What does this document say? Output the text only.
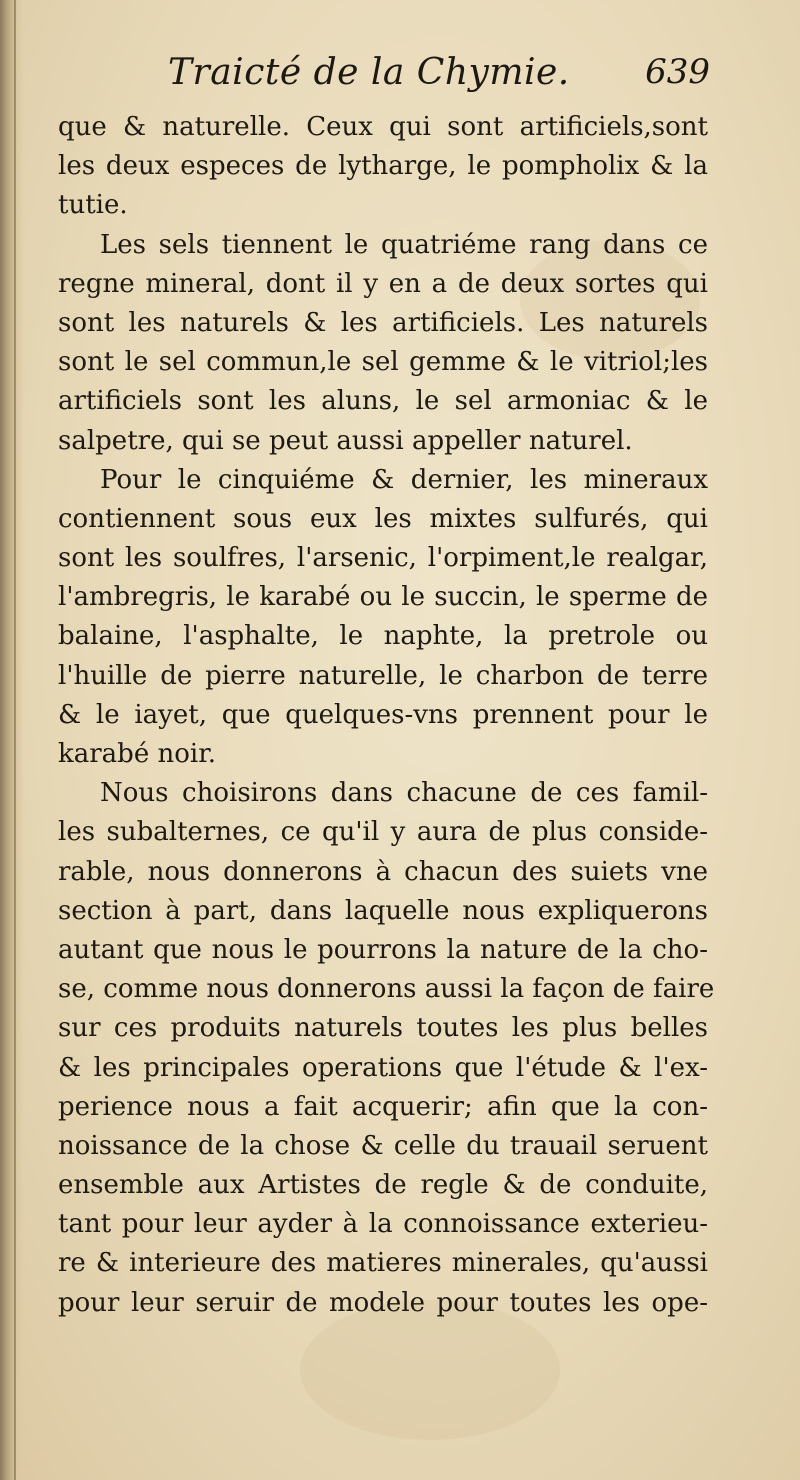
Traicté de la Chymie. 639
que & naturelle. Ceux qui sont artificiels,sont
les deux especes de lytharge, le pompholix & la
tutie.
Les sels tiennent le quatriéme rang dans ce
regne mineral, dont il y en a de deux sortes qui
sont les naturels & les artificiels. Les naturels
sont le sel commun,le sel gemme & le vitriol;les
artificiels sont les aluns, le sel armoniac & le
salpetre, qui se peut aussi appeller naturel.
Pour le cinquiéme & dernier, les mineraux
contiennent sous eux les mixtes sulfurés, qui
sont les soulfres, l'arsenic, l'orpiment,le realgar,
l'ambregris, le karabé ou le succin, le sperme de
balaine, l'asphalte, le naphte, la pretrole ou
l'huille de pierre naturelle, le charbon de terre
& le iayet, que quelques-vns prennent pour le
karabé noir.
Nous choisirons dans chacune de ces famil-
les subalternes, ce qu'il y aura de plus conside-
rable, nous donnerons à chacun des suiets vne
section à part, dans laquelle nous expliquerons
autant que nous le pourrons la nature de la cho-
se, comme nous donnerons aussi la façon de faire
sur ces produits naturels toutes les plus belles
& les principales operations que l'étude & l'ex-
perience nous a fait acquerir; afin que la con-
noissance de la chose & celle du trauail seruent
ensemble aux Artistes de regle & de conduite,
tant pour leur ayder à la connoissance exterieu-
re & interieure des matieres minerales, qu'aussi
pour leur seruir de modele pour toutes les ope-
